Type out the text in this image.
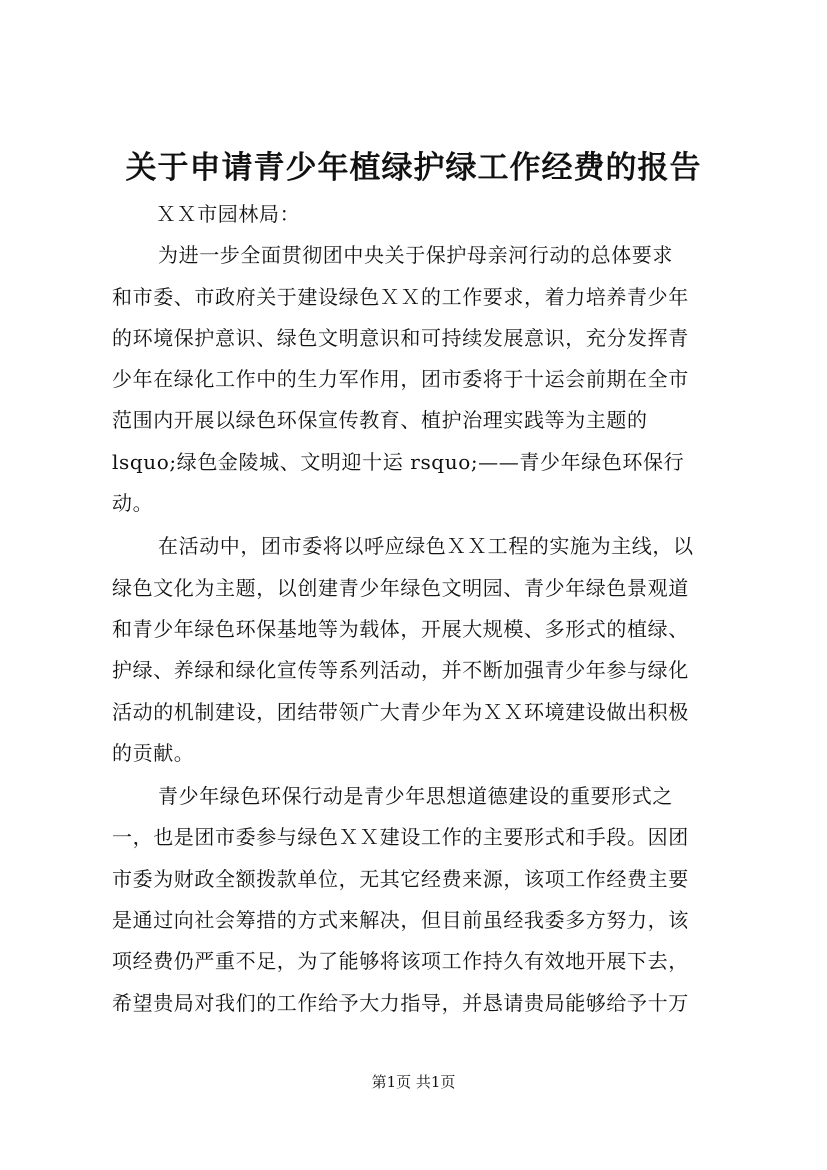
关于申请青少年植绿护绿工作经费的报告
ＸＸ市园林局：
为进一步全面贯彻团中央关于保护母亲河行动的总体要求
和市委、市政府关于建设绿色ＸＸ的工作要求，着力培养青少年
的环境保护意识、绿色文明意识和可持续发展意识，充分发挥青
少年在绿化工作中的生力军作用，团市委将于十运会前期在全市
范围内开展以绿色环保宣传教育、植护治理实践等为主题的
lsquo;绿色金陵城、文明迎十运 rsquo;——青少年绿色环保行
动。
在活动中，团市委将以呼应绿色ＸＸ工程的实施为主线，以
绿色文化为主题，以创建青少年绿色文明园、青少年绿色景观道
和青少年绿色环保基地等为载体，开展大规模、多形式的植绿、
护绿、养绿和绿化宣传等系列活动，并不断加强青少年参与绿化
活动的机制建设，团结带领广大青少年为ＸＸ环境建设做出积极
的贡献。
青少年绿色环保行动是青少年思想道德建设的重要形式之
一，也是团市委参与绿色ＸＸ建设工作的主要形式和手段。因团
市委为财政全额拨款单位，无其它经费来源，该项工作经费主要
是通过向社会筹措的方式来解决，但目前虽经我委多方努力，该
项经费仍严重不足，为了能够将该项工作持久有效地开展下去，
希望贵局对我们的工作给予大力指导，并恳请贵局能够给予十万
第1页 共1页
